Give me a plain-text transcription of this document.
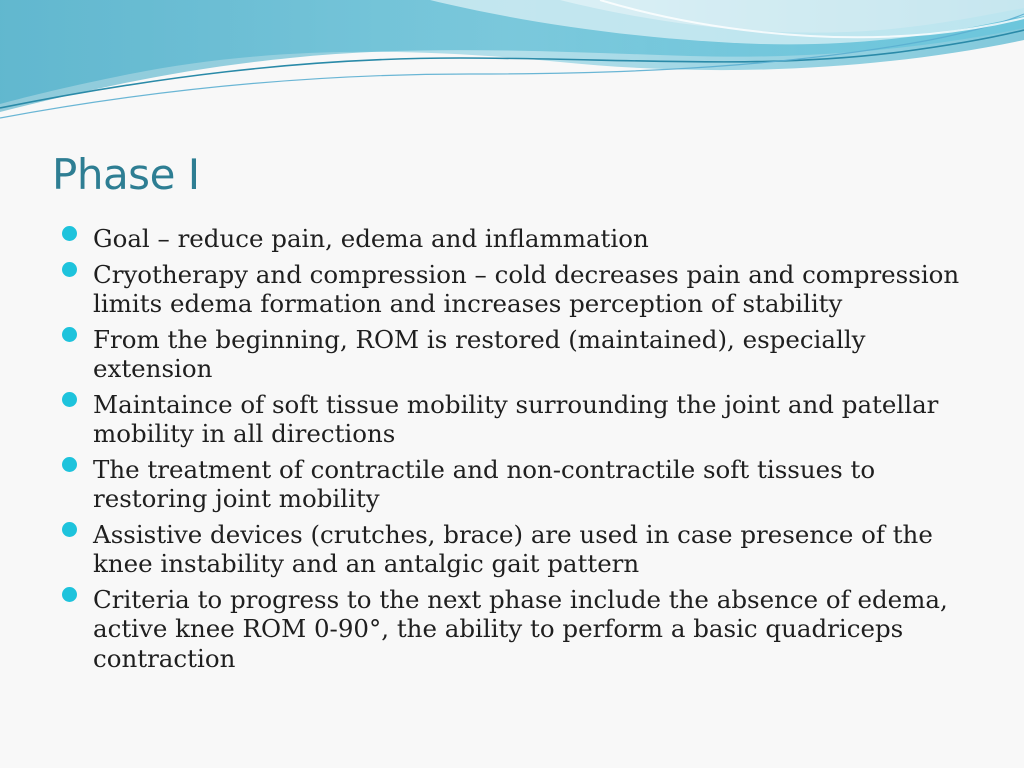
Phase I
Goal – reduce pain, edema and inflammation
Cryotherapy and compression – cold decreases pain and compression limits edema formation and increases perception of stability
From the beginning, ROM is restored (maintained), especially extension
Maintaince of soft tissue mobility surrounding the joint and patellar mobility in all directions
The treatment of contractile and non-contractile soft tissues to restoring joint mobility
Assistive devices (crutches, brace) are used in case presence of the knee instability and an antalgic gait pattern
Criteria to progress to the next phase include the absence of edema, active knee ROM 0-90°, the ability to perform a basic quadriceps contraction
